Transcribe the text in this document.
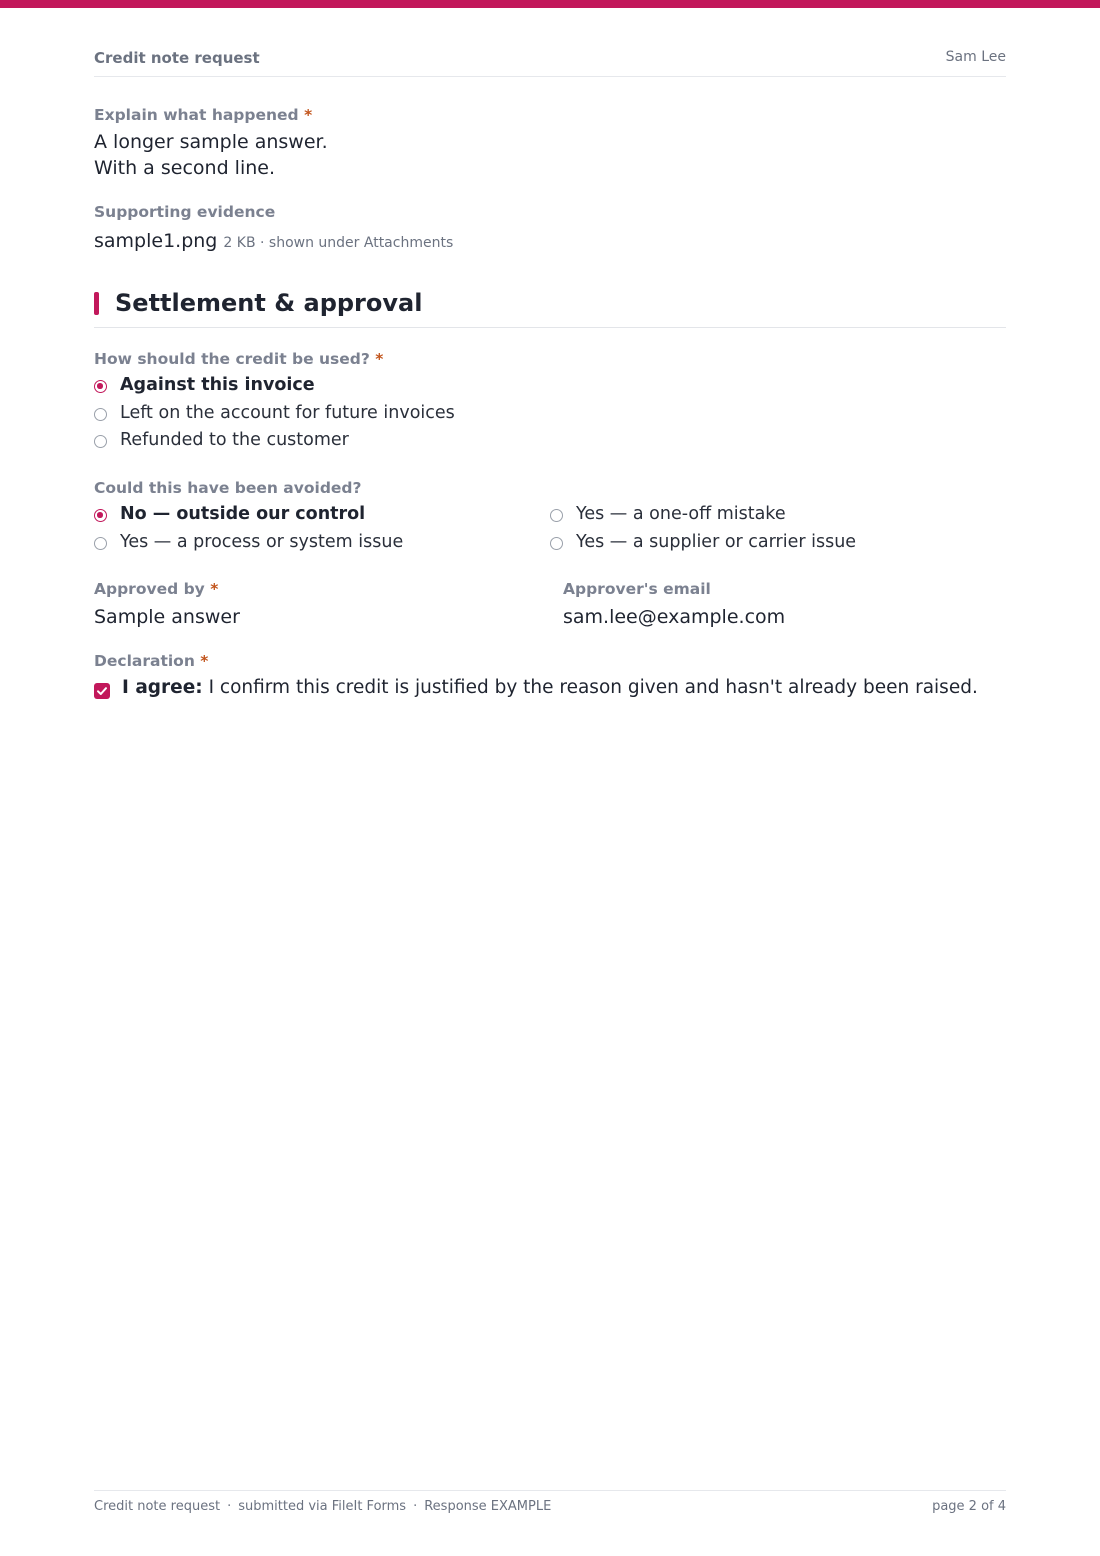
Credit note request	Sam Lee
Explain what happened *
A longer sample answer.
With a second line.
Supporting evidence
sample1.png 2 KB · shown under Attachments
Settlement & approval
How should the credit be used? *
Against this invoice
Left on the account for future invoices
Refunded to the customer
Could this have been avoided?
No — outside our control	Yes — a one-off mistake
Yes — a process or system issue	Yes — a supplier or carrier issue
Approved by *
Sample answer
Approver's email
sam.lee@example.com
Declaration *
I agree: I confirm this credit is justified by the reason given and hasn't already been raised.
Credit note request · submitted via FileIt Forms · Response EXAMPLE	page 2 of 4
